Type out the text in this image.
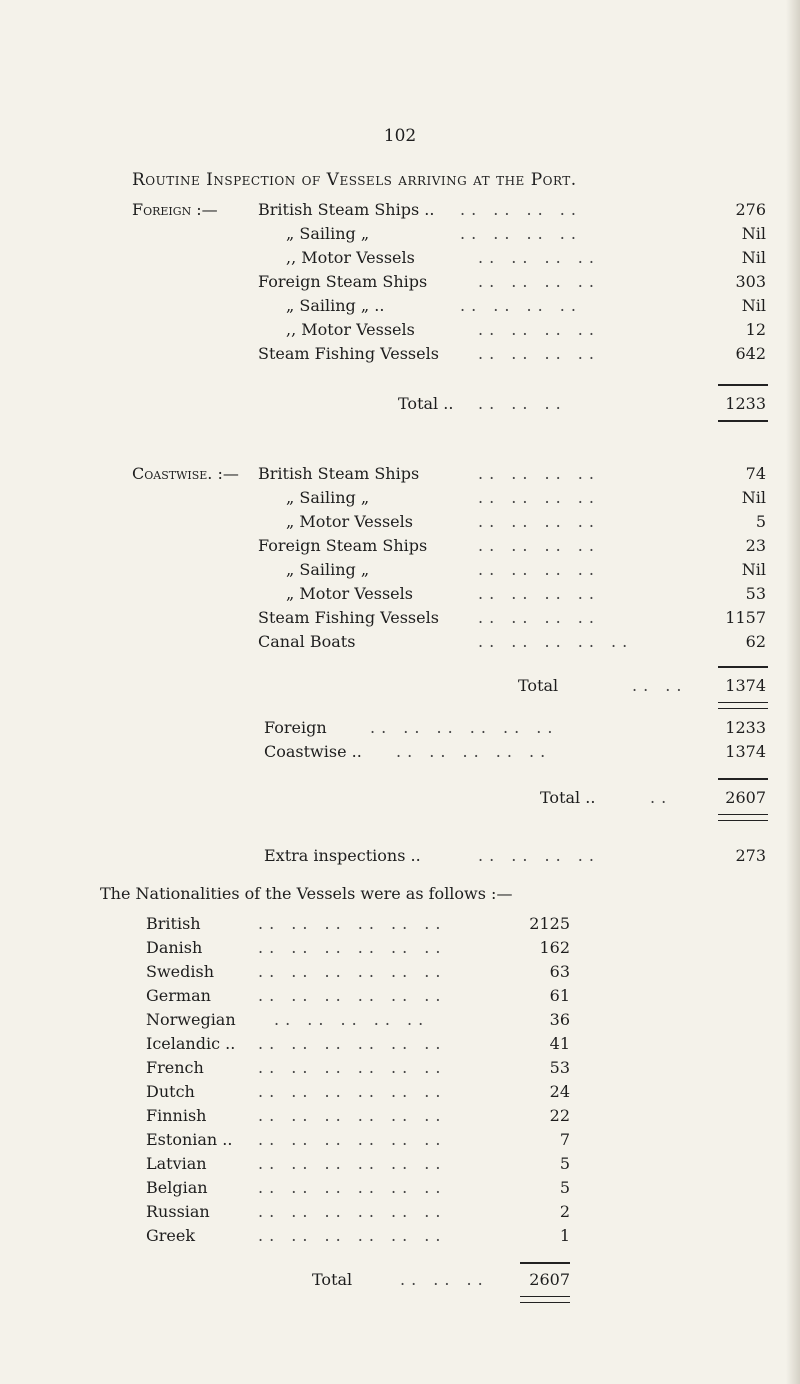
102
Routine Inspection of Vessels arriving at the Port.
Foreign :—	British Steam Ships .. .. .. .. ..	276
„ Sailing „	.. .. .. ..	Nil
,, Motor Vessels	.. .. .. ..	Nil
Foreign Steam Ships	.. .. .. ..	303
„ Sailing „ ..	.. .. .. ..	Nil
,, Motor Vessels	.. .. .. ..	12
Steam Fishing Vessels .. .. .. ..	642
Total .. .. .. ..	1233
Coastwise. :— British Steam Ships	.. .. .. ..	74
„ Sailing „	.. .. .. ..	Nil
„ Motor Vessels	.. .. .. ..	5
Foreign Steam Ships	.. .. .. ..	23
„ Sailing „	.. .. .. ..	Nil
„ Motor Vessels	.. .. .. ..	53
Steam Fishing Vessels .. .. .. ..	1157
Canal Boats	.. .. .. .. ..	62
Total	.. ..	1374
Foreign	.. .. .. .. .. ..	1233
Coastwise .. .. .. .. .. ..	1374
Total ..	..	2607
Extra inspections ..	.. .. .. ..	273
The Nationalities of the Vessels were as follows :—
British	.. .. .. .. .. ..	2125
Danish	.. .. .. .. .. ..	162
Swedish	.. .. .. .. .. ..	63
German	.. .. .. .. .. ..	61
Norwegian .. .. .. .. ..	36
Icelandic .. .. .. .. .. .. ..	41
French	.. .. .. .. .. ..	53
Dutch	.. .. .. .. .. ..	24
Finnish	.. .. .. .. .. ..	22
Estonian .. .. .. .. .. .. ..	7
Latvian	.. .. .. .. .. ..	5
Belgian	.. .. .. .. .. ..	5
Russian	.. .. .. .. .. ..	2
Greek	.. .. .. .. .. ..	1
Total	.. .. ..	2607
